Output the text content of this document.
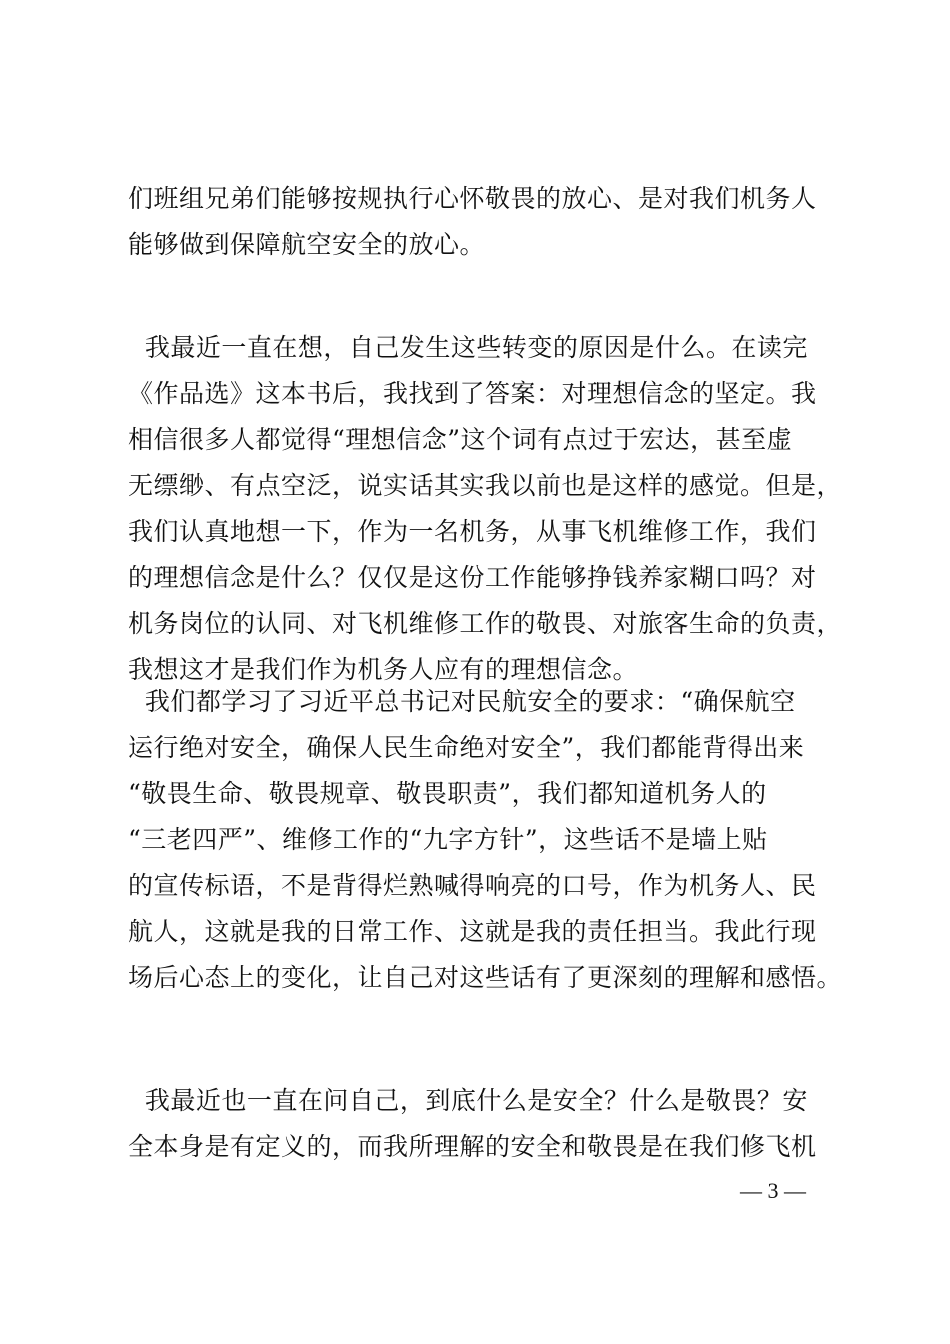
们班组兄弟们能够按规执行心怀敬畏的放心、是对我们机务人
能够做到保障航空安全的放心。
我最近一直在想，自己发生这些转变的原因是什么。在读完
《作品选》这本书后，我找到了答案：对理想信念的坚定。我
相信很多人都觉得“理想信念”这个词有点过于宏达，甚至虚
无缥缈、有点空泛，说实话其实我以前也是这样的感觉。但是，
我们认真地想一下，作为一名机务，从事飞机维修工作，我们
的理想信念是什么？仅仅是这份工作能够挣钱养家糊口吗？对
机务岗位的认同、对飞机维修工作的敬畏、对旅客生命的负责，
我想这才是我们作为机务人应有的理想信念。
我们都学习了习近平总书记对民航安全的要求：“确保航空
运行绝对安全，确保人民生命绝对安全”，我们都能背得出来
“敬畏生命、敬畏规章、敬畏职责”，我们都知道机务人的
“三老四严”、维修工作的“九字方针”，这些话不是墙上贴
的宣传标语，不是背得烂熟喊得响亮的口号，作为机务人、民
航人，这就是我的日常工作、这就是我的责任担当。我此行现
场后心态上的变化，让自己对这些话有了更深刻的理解和感悟。
我最近也一直在问自己，到底什么是安全？什么是敬畏？安
全本身是有定义的，而我所理解的安全和敬畏是在我们修飞机
— 3 —
